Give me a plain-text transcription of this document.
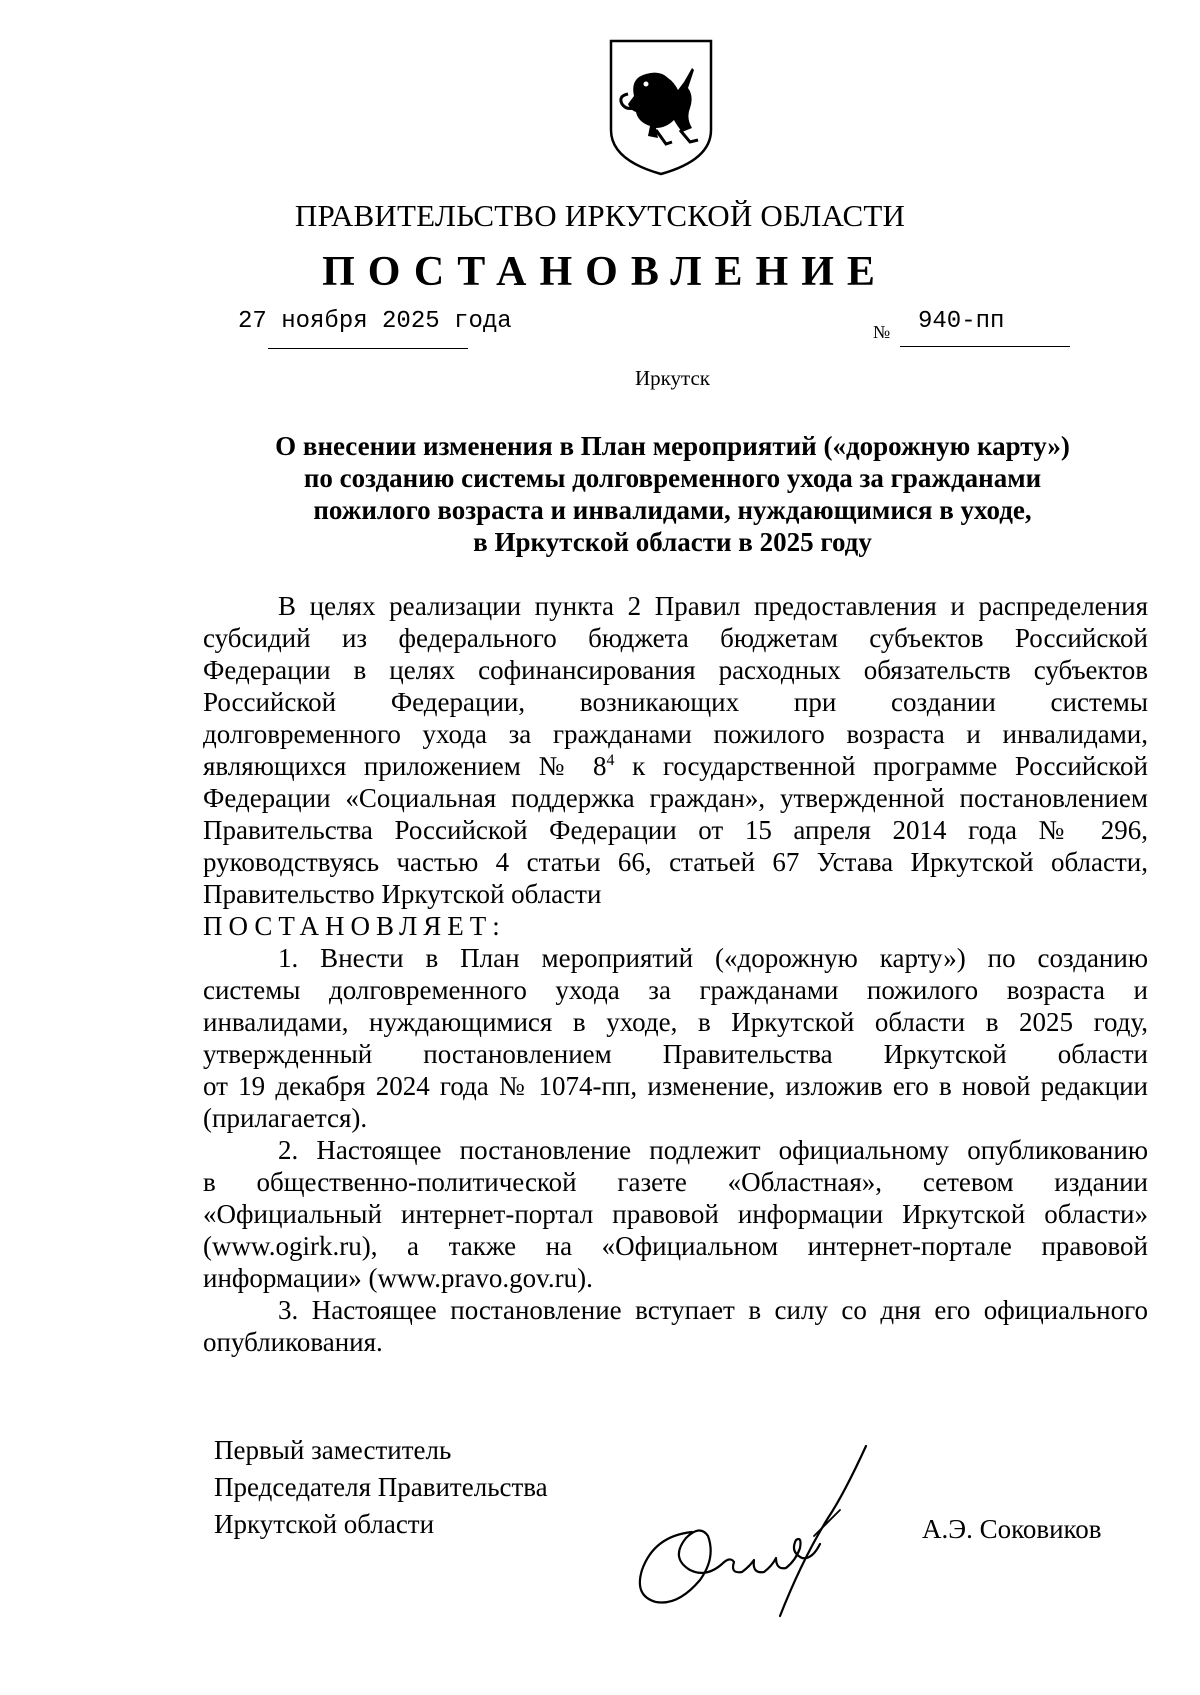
ПРАВИТЕЛЬСТВО ИРКУТСКОЙ ОБЛАСТИ
ПОСТАНОВЛЕНИЕ
27 ноября 2025 года	№ 940-пп
Иркутск
О внесении изменения в План мероприятий («дорожную карту»)
по созданию системы долговременного ухода за гражданами
пожилого возраста и инвалидами, нуждающимися в уходе,
в Иркутской области в 2025 году
В целях реализации пункта 2 Правил предоставления и распределения
субсидий из федерального бюджета бюджетам субъектов Российской
Федерации в целях софинансирования расходных обязательств субъектов
Российской Федерации, возникающих при создании системы
долговременного ухода за гражданами пожилого возраста и инвалидами,
являющихся приложением № $8^4$ к государственной программе Российской
Федерации «Социальная поддержка граждан», утвержденной постановлением
Правительства Российской Федерации от 15 апреля 2014 года № 296,
руководствуясь частью 4 статьи 66, статьей 67 Устава Иркутской области,
Правительство Иркутской области
ПОСТАНОВЛЯЕТ:
1. Внести в План мероприятий («дорожную карту») по созданию
системы долговременного ухода за гражданами пожилого возраста и
инвалидами, нуждающимися в уходе, в Иркутской области в 2025 году,
утвержденный постановлением Правительства Иркутской области
от 19 декабря 2024 года № 1074-пп, изменение, изложив его в новой редакции
(прилагается).
2. Настоящее постановление подлежит официальному опубликованию
в общественно-политической газете «Областная», сетевом издании
«Официальный интернет-портал правовой информации Иркутской области»
(www.ogirk.ru), а также на «Официальном интернет-портале правовой
информации» (www.pravo.gov.ru).
3. Настоящее постановление вступает в силу со дня его официального
опубликования.
Первый заместитель
Председателя Правительства
Иркутской области	А.Э. Соковиков
